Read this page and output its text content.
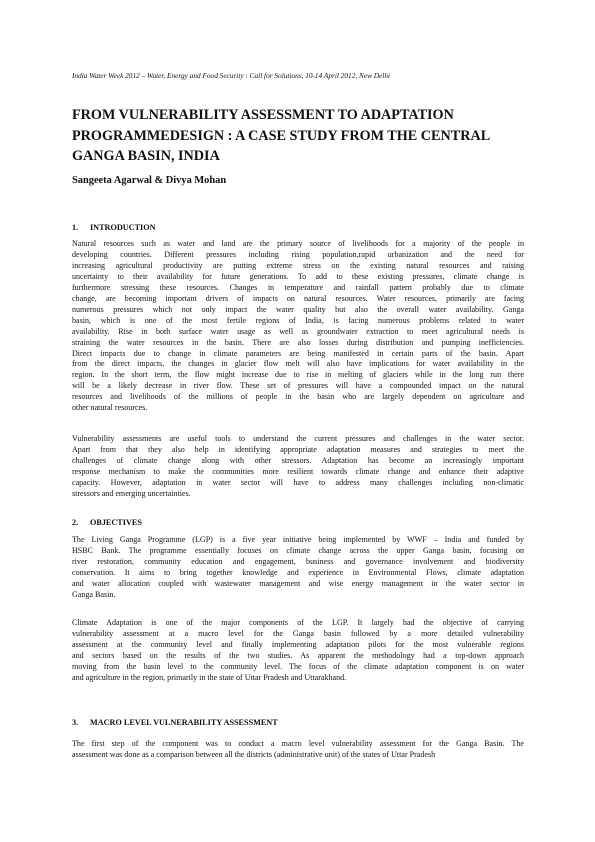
India Water Week 2012 – Water, Energy and Food Security : Call for Solutions, 10-14 April 2012, New Delhi
FROM VULNERABILITY ASSESSMENT TO ADAPTATION
PROGRAMMEDESIGN : A CASE STUDY FROM THE CENTRAL
GANGA BASIN, INDIA
Sangeeta Agarwal & Divya Mohan
1. INTRODUCTION
Natural resources such as water and land are the primary source of livelihoods for a majority of the people in
developing countries. Different pressures including rising population,rapid urbanization and the need for
increasing agricultural productivity are putting extreme stress on the existing natural resources and raising
uncertainty to their availability for future generations. To add to these existing pressures, climate change is
furthermore stressing these resources. Changes in temperature and rainfall pattern probably due to climate
change, are becoming important drivers of impacts on natural resources. Water resources, primarily are facing
numerous pressures which not only impact the water quality but also the overall water availability. Ganga
basin, which is one of the most fertile regions of India, is facing numerous problems related to water
availability. Rise in both surface water usage as well as groundwater extraction to meet agricultural needs is
straining the water resources in the basin. There are also losses during distribution and pumping inefficiencies.
Direct impacts due to change in climate parameters are being manifested in certain parts of the basin. Apart
from the direct impacts, the changes in glacier flow melt will also have implications for water availability in the
region. In the short term, the flow might increase due to rise in melting of glaciers while in the long run there
will be a likely decrease in river flow. These set of pressures will have a compounded impact on the natural
resources and livelihoods of the millions of people in the basin who are largely dependent on agriculture and
other natural resources.
Vulnerability assessments are useful tools to understand the current pressures and challenges in the water sector.
Apart from that they also help in identifying appropriate adaptation measures and strategies to meet the
challenges of climate change along with other stressors. Adaptation has become an increasingly important
response mechanism to make the communities more resilient towards climate change and enhance their adaptive
capacity. However, adaptation in water sector will have to address many challenges including non-climatic
stressors and emerging uncertainties.
2. OBJECTIVES
The Living Ganga Programme (LGP) is a five year initiative being implemented by WWF – India and funded by
HSBC Bank. The programme essentially focuses on climate change across the upper Ganga basin, focusing on
river restoration, community education and engagement, business and governance involvement and biodiversity
conservation. It aims to bring together knowledge and experience in Environmental Flows, climate adaptation
and water allocation coupled with wastewater management and wise energy management in the water sector in
Ganga Basin.
Climate Adaptation is one of the major components of the LGP. It largely had the objective of carrying
vulnerability assessment at a macro level for the Ganga basin followed by a more detailed vulnerability
assessment at the community level and finally implementing adaptation pilots for the most vulnerable regions
and sectors based on the results of the two studies. As apparent the methodology had a top-down approach
moving from the basin level to the community level. The focus of the climate adaptation component is on water
and agriculture in the region, primarily in the state of Uttar Pradesh and Uttarakhand.
3. MACRO LEVEL VULNERABILITY ASSESSMENT
The first step of the component was to conduct a macro level vulnerability assessment for the Ganga Basin. The
assessment was done as a comparison between all the districts (administrative unit) of the states of Uttar Pradesh
